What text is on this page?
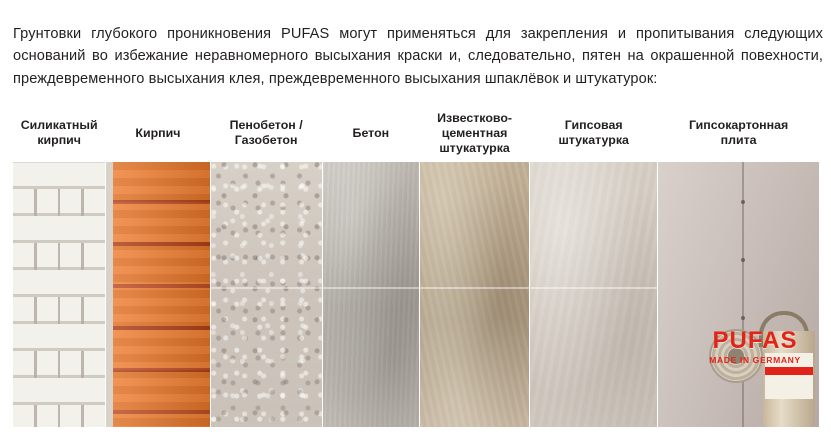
Грунтовки глубокого проникновения PUFAS могут применяться для закрепления и пропитывания следующих оснований во избежание неравномерного высыхания краски и, следовательно, пятен на окрашенной повехности, преждевременного высыхания клея, преждевременного высыхания шпаклёвок и штукатурок:

Силикатный
кирпич
Кирпич
Пенобетон /
Газобетон
Бетон
Известково-
цементная
штукатурка
Гипсовая
штукатурка
Гипсокартонная
плита
PUFAS
MADE IN GERMANY
